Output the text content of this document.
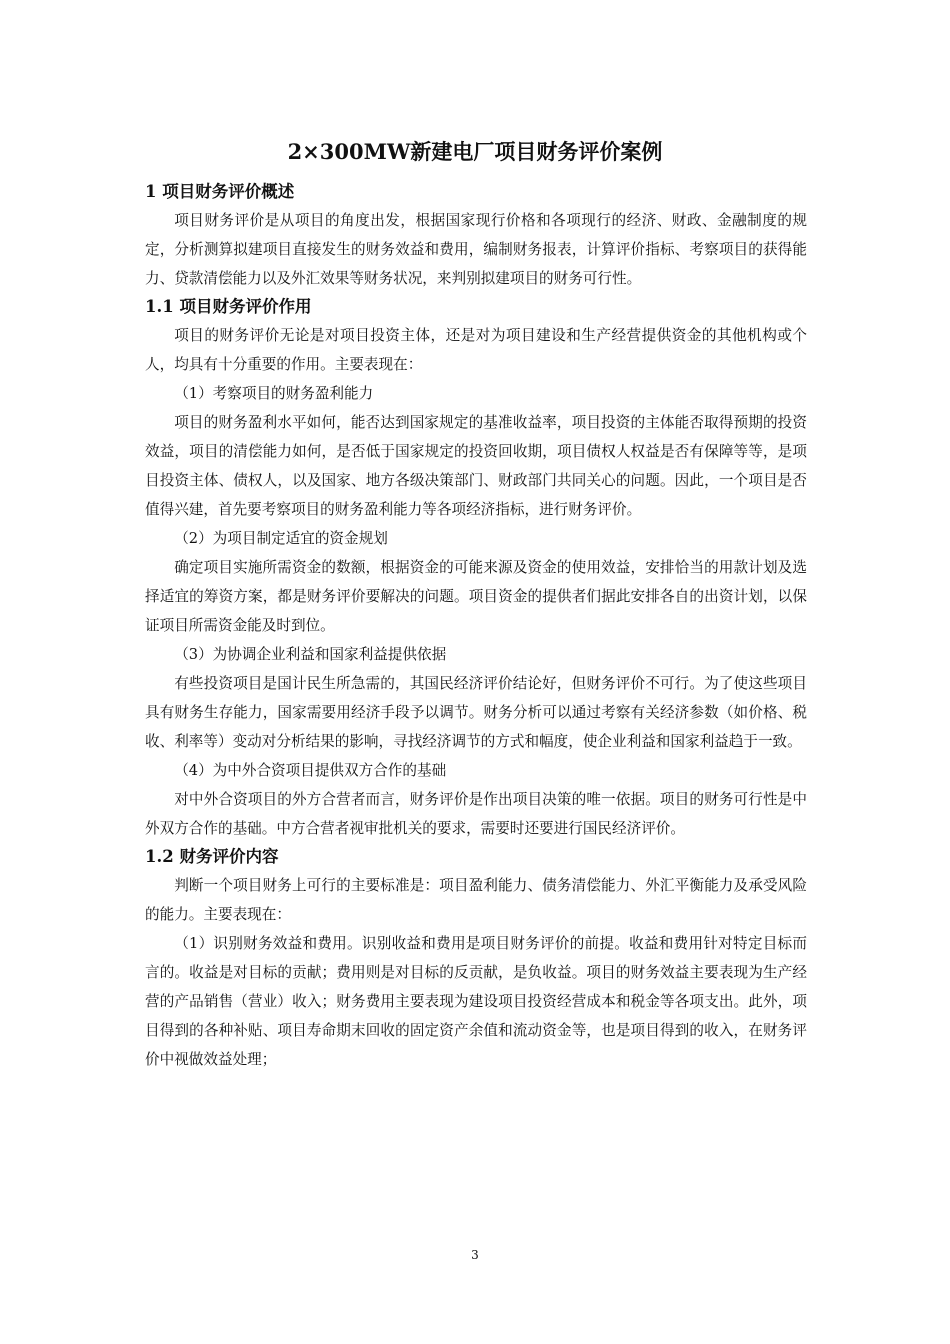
2×300MW新建电厂项目财务评价案例
1 项目财务评价概述

项目财务评价是从项目的角度出发，根据国家现行价格和各项现行的经济、财政、金融制度的规定，分析测算拟建项目直接发生的财务效益和费用，编制财务报表，计算评价指标、考察项目的获得能力、贷款清偿能力以及外汇效果等财务状况，来判别拟建项目的财务可行性。

1.1 项目财务评价作用

项目的财务评价无论是对项目投资主体，还是对为项目建设和生产经营提供资金的其他机构或个人，均具有十分重要的作用。主要表现在：

（1）考察项目的财务盈利能力

项目的财务盈利水平如何，能否达到国家规定的基准收益率，项目投资的主体能否取得预期的投资效益，项目的清偿能力如何，是否低于国家规定的投资回收期，项目债权人权益是否有保障等等，是项目投资主体、债权人，以及国家、地方各级决策部门、财政部门共同关心的问题。因此，一个项目是否值得兴建，首先要考察项目的财务盈利能力等各项经济指标，进行财务评价。

（2）为项目制定适宜的资金规划

确定项目实施所需资金的数额，根据资金的可能来源及资金的使用效益，安排恰当的用款计划及选择适宜的筹资方案，都是财务评价要解决的问题。项目资金的提供者们据此安排各自的出资计划，以保证项目所需资金能及时到位。

（3）为协调企业利益和国家利益提供依据

有些投资项目是国计民生所急需的，其国民经济评价结论好，但财务评价不可行。为了使这些项目具有财务生存能力，国家需要用经济手段予以调节。财务分析可以通过考察有关经济参数（如价格、税收、利率等）变动对分析结果的影响，寻找经济调节的方式和幅度，使企业利益和国家利益趋于一致。

（4）为中外合资项目提供双方合作的基础

对中外合资项目的外方合营者而言，财务评价是作出项目决策的唯一依据。项目的财务可行性是中外双方合作的基础。中方合营者视审批机关的要求，需要时还要进行国民经济评价。

1.2 财务评价内容

判断一个项目财务上可行的主要标准是：项目盈利能力、债务清偿能力、外汇平衡能力及承受风险的能力。主要表现在：

（1）识别财务效益和费用。识别收益和费用是项目财务评价的前提。收益和费用针对特定目标而言的。收益是对目标的贡献；费用则是对目标的反贡献，是负收益。项目的财务效益主要表现为生产经营的产品销售（营业）收入；财务费用主要表现为建设项目投资经营成本和税金等各项支出。此外，项目得到的各种补贴、项目寿命期末回收的固定资产余值和流动资金等，也是项目得到的收入，在财务评价中视做效益处理；

3
